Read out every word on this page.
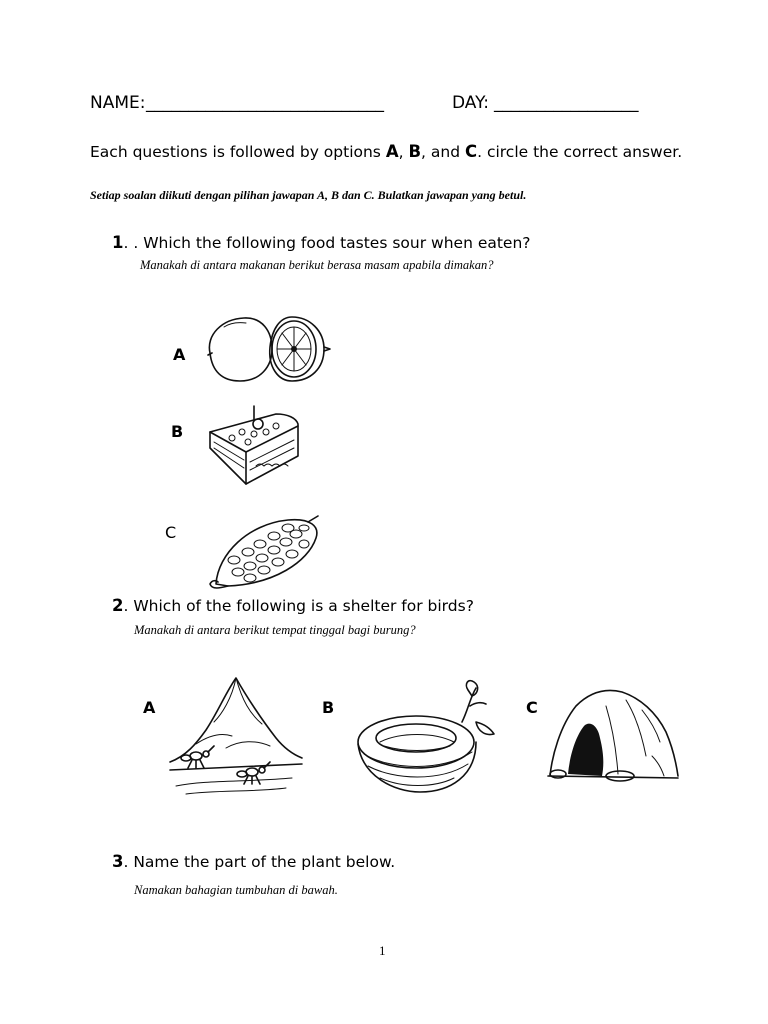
NAME: ____________________________	DAY: _________________
Each questions is followed by options A, B, and C. circle the correct answer.
Setiap soalan diikuti dengan pilihan jawapan A, B dan C. Bulatkan jawapan yang betul.
1. . Which the following food tastes sour when eaten?
Manakah di antara makanan berikut berasa masam apabila dimakan?
A
B
C
2. Which of the following is a shelter for birds?
Manakah di antara berikut tempat tinggal bagi burung?
A	B	C
3. Name the part of the plant below.
Namakan bahagian tumbuhan di bawah.
1
